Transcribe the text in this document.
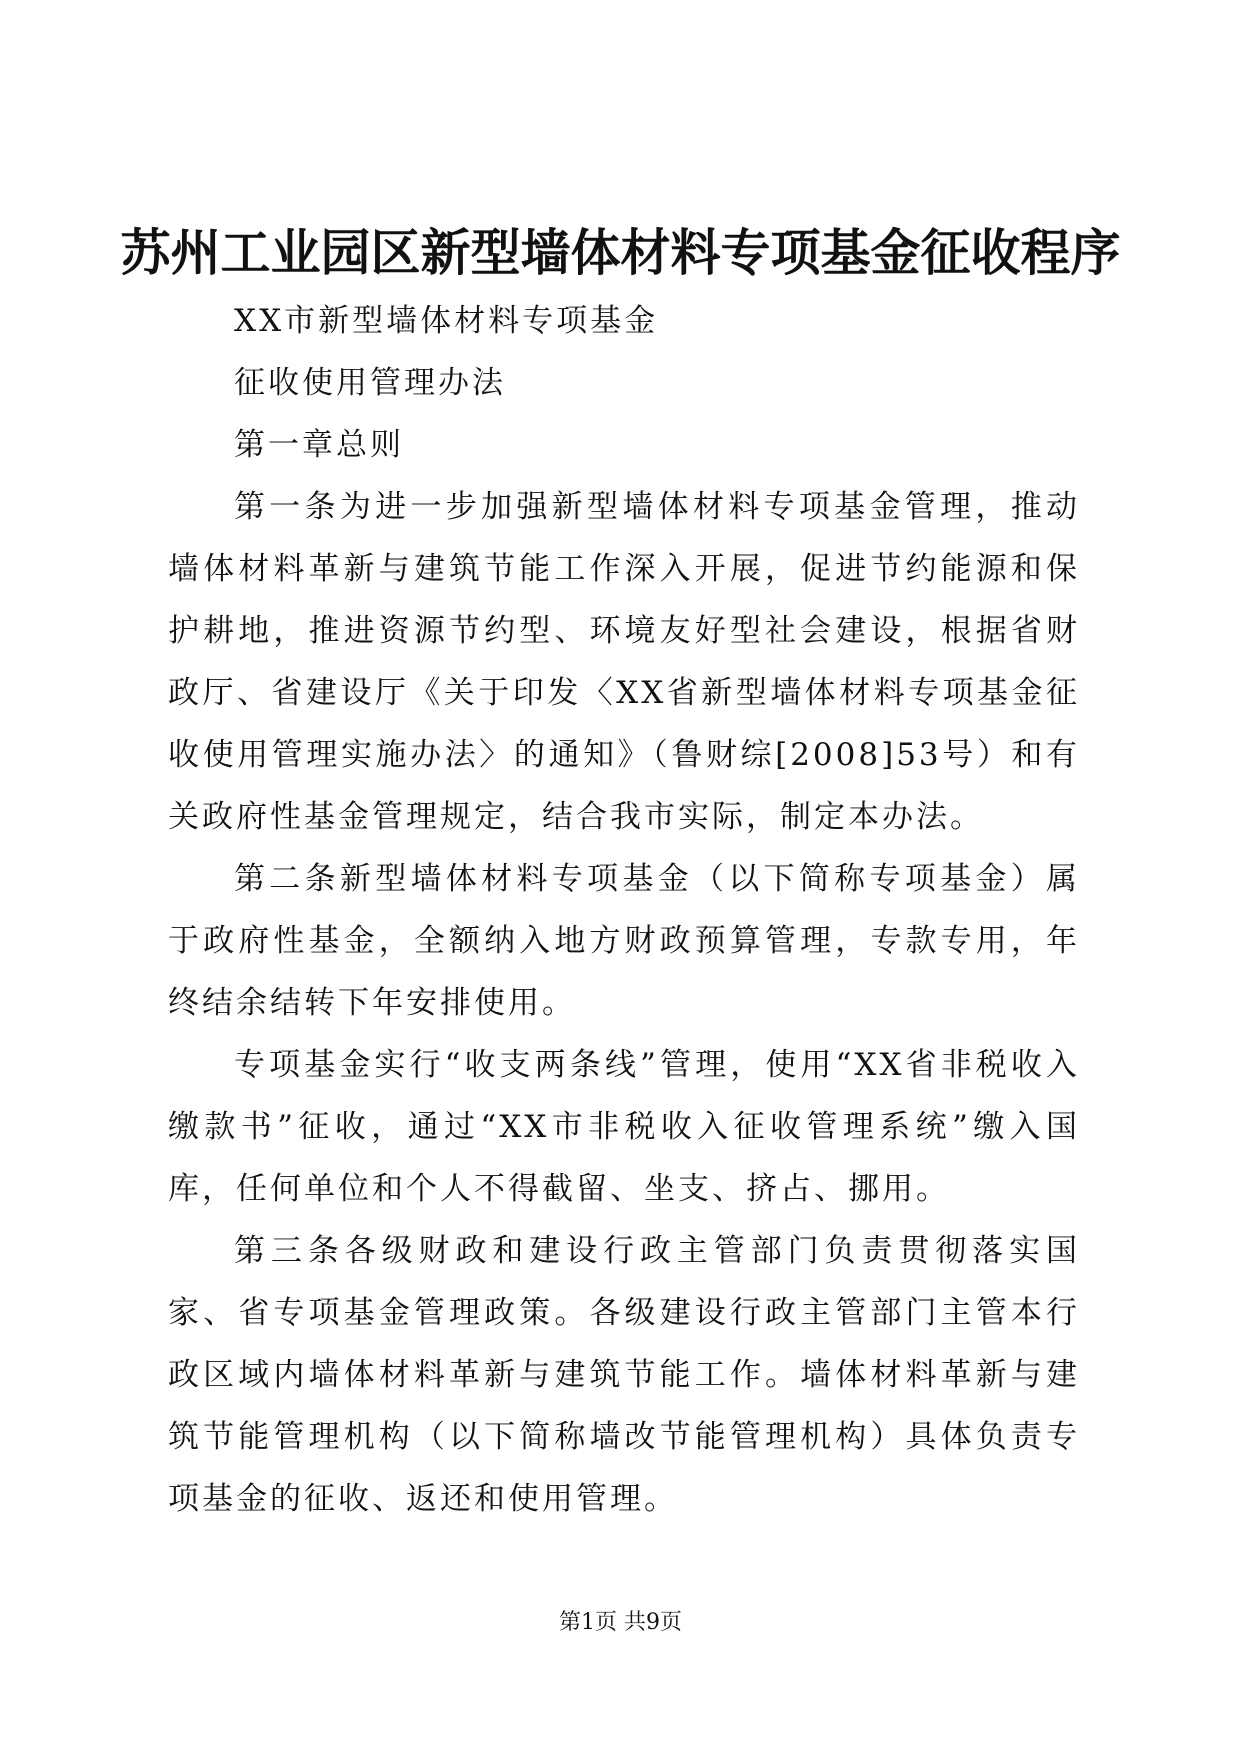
苏州工业园区新型墙体材料专项基金征收程序

XX市新型墙体材料专项基金

征收使用管理办法

第一章总则

第一条为进一步加强新型墙体材料专项基金管理，推动墙体材料革新与建筑节能工作深入开展，促进节约能源和保护耕地，推进资源节约型、环境友好型社会建设，根据省财政厅、省建设厅《关于印发〈XX省新型墙体材料专项基金征收使用管理实施办法〉的通知》（鲁财综[2008]53号）和有关政府性基金管理规定，结合我市实际，制定本办法。

第二条新型墙体材料专项基金（以下简称专项基金）属于政府性基金，全额纳入地方财政预算管理，专款专用，年终结余结转下年安排使用。

专项基金实行“收支两条线”管理，使用“XX省非税收入缴款书”征收，通过“XX市非税收入征收管理系统”缴入国库，任何单位和个人不得截留、坐支、挤占、挪用。

第三条各级财政和建设行政主管部门负责贯彻落实国家、省专项基金管理政策。各级建设行政主管部门主管本行政区域内墙体材料革新与建筑节能工作。墙体材料革新与建筑节能管理机构（以下简称墙改节能管理机构）具体负责专项基金的征收、返还和使用管理。

第1页 共9页
